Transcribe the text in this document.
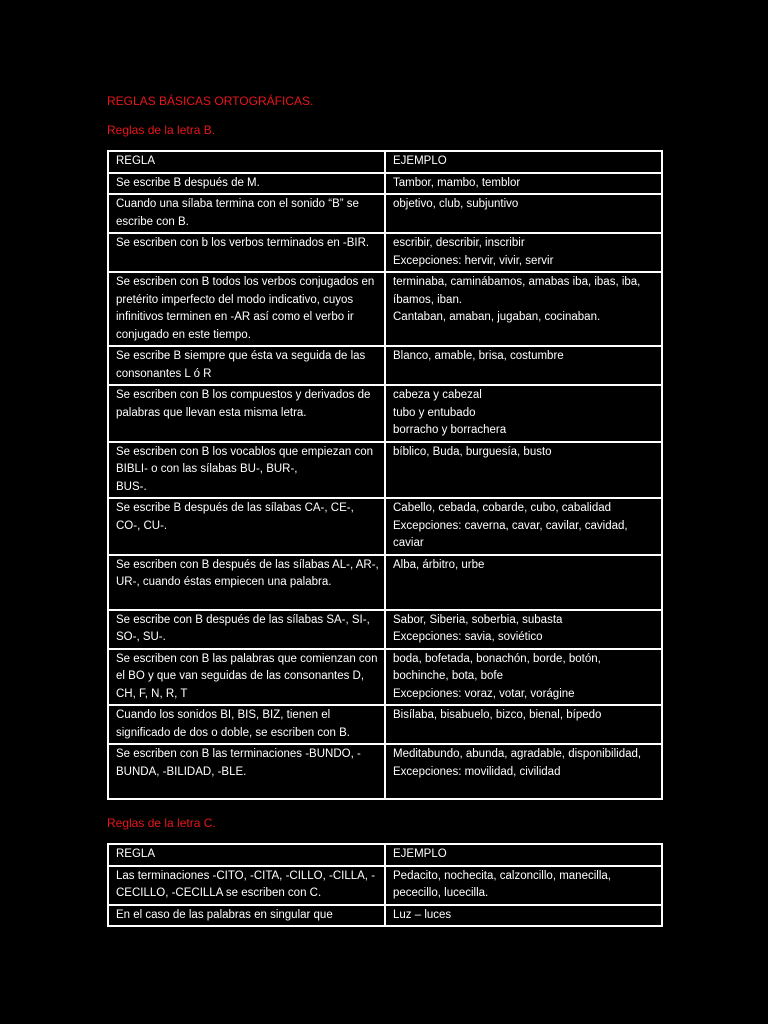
REGLAS BÁSICAS ORTOGRÁFICAS.
Reglas de la letra B.
REGLA	EJEMPLO
Se escribe B después de M.	Tambor, mambo, temblor
Cuando una sílaba termina con el sonido “B” se escribe con B.	objetivo, club, subjuntivo
Se escriben con b los verbos terminados en -BIR.	escribir, describir, inscribir
Excepciones: hervir, vivir, servir
Se escriben con B todos los verbos conjugados en pretérito imperfecto del modo indicativo, cuyos infinitivos terminen en -AR así como el verbo ir conjugado en este tiempo.	terminaba, caminábamos, amabas iba, ibas, iba, íbamos, iban.
Cantaban, amaban, jugaban, cocinaban.
Se escribe B siempre que ésta va seguida de las consonantes L ó R	Blanco, amable, brisa, costumbre
Se escriben con B los compuestos y derivados de palabras que llevan esta misma letra.	cabeza y cabezal
tubo y entubado
borracho y borrachera
Se escriben con B los vocablos que empiezan con BIBLI- o con las sílabas BU-, BUR-,
BUS-.	bíblico, Buda, burguesía, busto
Se escribe B después de las sílabas CA-, CE-, CO-, CU-.	Cabello, cebada, cobarde, cubo, cabalidad
Excepciones: caverna, cavar, cavilar, cavidad, caviar
Se escriben con B después de las sílabas AL-, AR-, UR-, cuando éstas empiecen una palabra.	Alba, árbitro, urbe
Se escribe con B después de las sílabas SA-, SI-, SO-, SU-.	Sabor, Siberia, soberbia, subasta
Excepciones: savia, soviético
Se escriben con B las palabras que comienzan con el BO y que van seguidas de las consonantes D, CH, F, N, R, T	boda, bofetada, bonachón, borde, botón, bochinche, bota, bofe
Excepciones: voraz, votar, vorágine
Cuando los sonidos BI, BIS, BIZ, tienen el significado de dos o doble, se escriben con B.	Bisílaba, bisabuelo, bizco, bienal, bípedo
Se escriben con B las terminaciones -BUNDO, -BUNDA, -BILIDAD, -BLE.	Meditabundo, abunda, agradable, disponibilidad,
Excepciones: movilidad, civilidad
Reglas de la letra C.
REGLA	EJEMPLO
Las terminaciones -CITO, -CITA, -CILLO, -CILLA, -CECILLO, -CECILLA se escriben con C.	Pedacito, nochecita, calzoncillo, manecilla, pececillo, lucecilla.
En el caso de las palabras en singular que	Luz – luces
